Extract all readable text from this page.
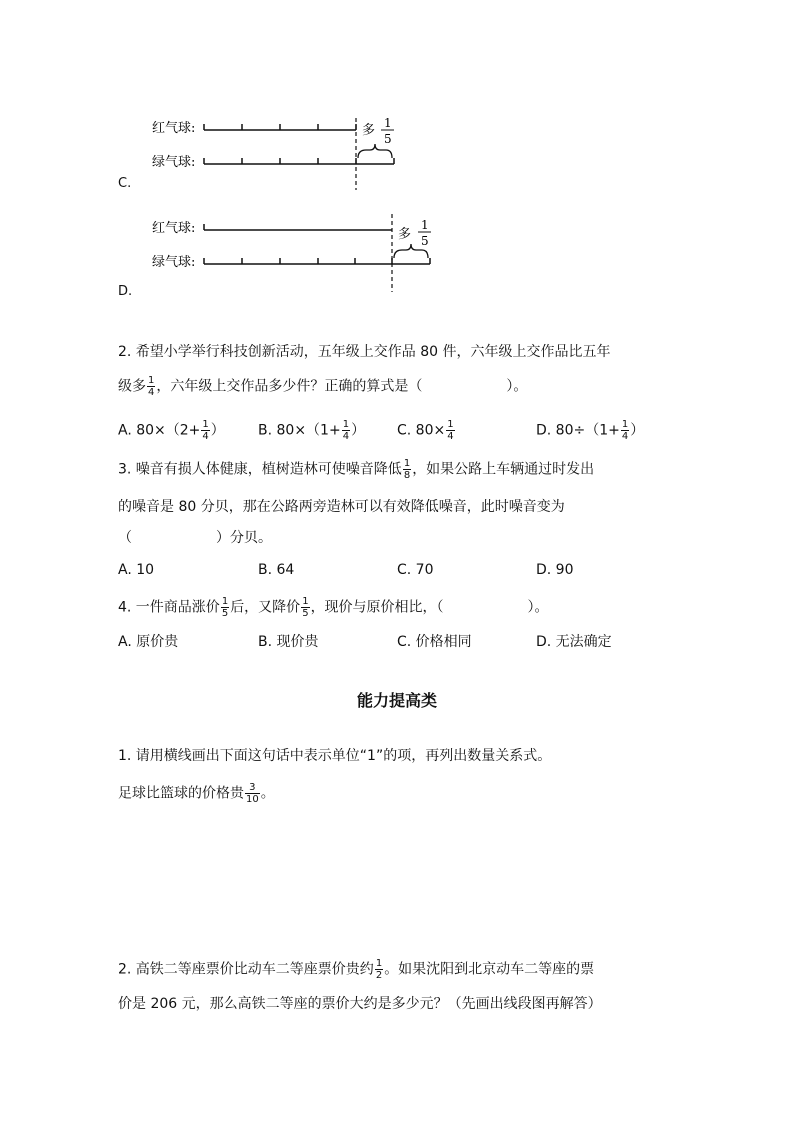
红气球:
绿气球:
多 1
5
C.
红气球:
绿气球:
多
1
5
D.
2. 希望小学举行科技创新活动，五年级上交作品 80 件，六年级上交作品比五年
级多 $\frac{1}{4}$ ，六年级上交作品多少件？正确的算式是（　　　　　　）。
A. $80\times(2+ \frac{1}{4}$ ） B. $80\times(1+ \frac{1}{4}$ ） C. $80\times \frac{1}{4}$	D. $80\div(1+ \frac{1}{4}$ ）
3. 噪音有损人体健康，植树造林可使噪音降低 $\frac{1}{8}$ ，如果公路上车辆通过时发出
的噪音是 80 分贝，那在公路两旁造林可以有效降低噪音，此时噪音变为
（　　　　　　）分贝。
A. 10	B. 64	C. 70	D. 90
4. 一件商品涨价 $\frac{1}{5}$ 后，又降价 $\frac{1}{5}$ ，现价与原价相比，（　　　　　　）。
A. 原价贵	B. 现价贵	C. 价格相同	D. 无法确定
能力提高类
1. 请用横线画出下面这句话中表示单位“1”的项，再列出数量关系式。
足球比篮球的价格贵 $\frac{3}{10}$ 。
2. 高铁二等座票价比动车二等座票价贵约 $\frac{1}{2}$ 。如果沈阳到北京动车二等座的票
价是 206 元，那么高铁二等座的票价大约是多少元？（先画出线段图再解答）
